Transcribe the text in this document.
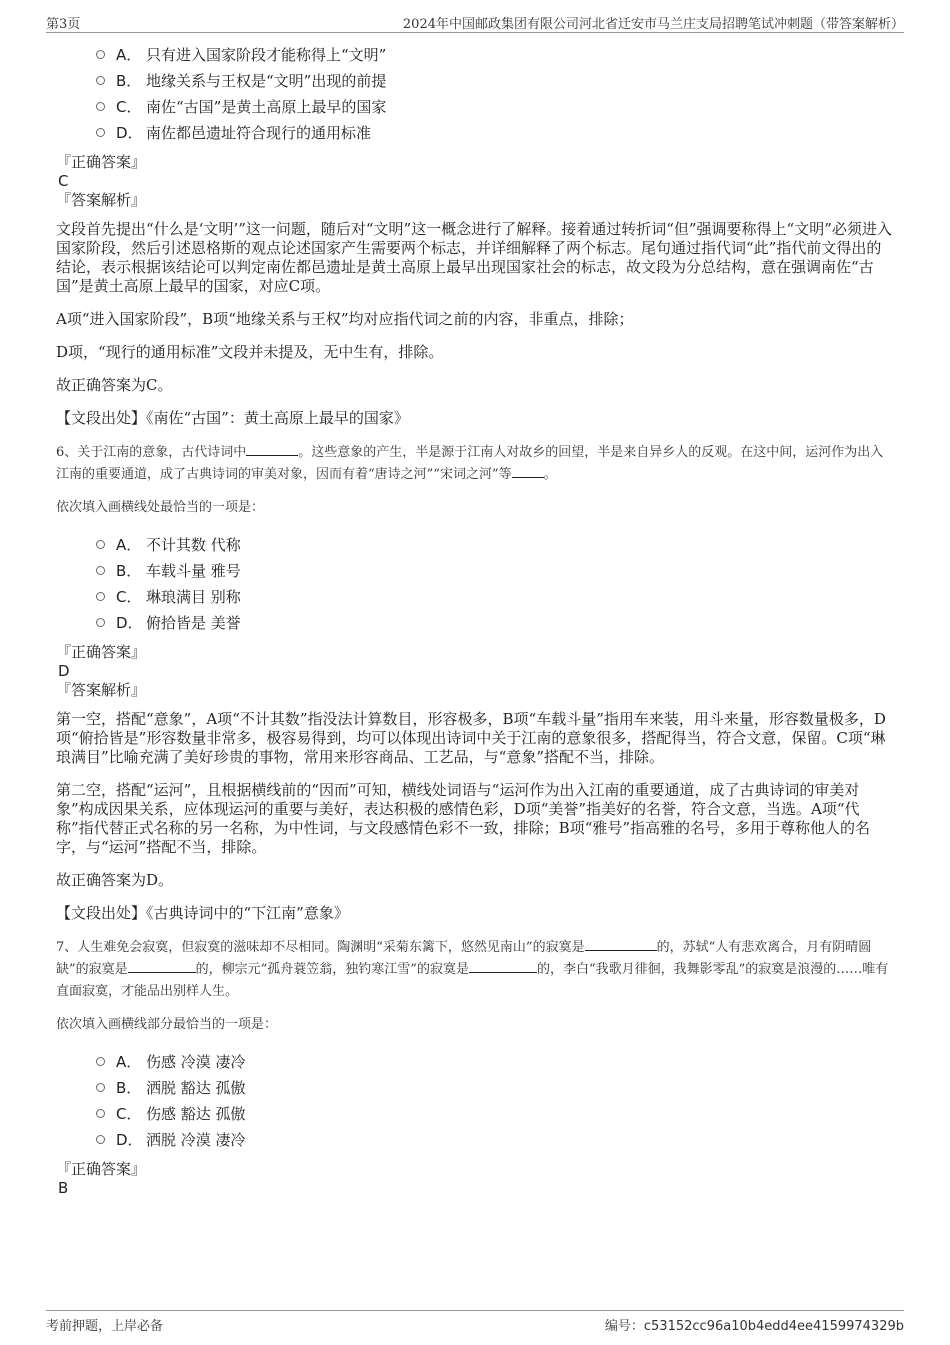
第3页	2024年中国邮政集团有限公司河北省迁安市马兰庄支局招聘笔试冲刺题（带答案解析）
A． 只有进入国家阶段才能称得上“文明”
B． 地缘关系与王权是“文明”出现的前提
C． 南佐“古国”是黄土高原上最早的国家
D． 南佐都邑遗址符合现行的通用标准

『正确答案』

C

『答案解析』

文段首先提出“什么是‘文明’”这一问题，随后对“文明”这一概念进行了解释。接着通过转折词“但”强调要称得上“文明”必须进入国家阶段，然后引述恩格斯的观点论述国家产生需要两个标志，并详细解释了两个标志。尾句通过指代词“此”指代前文得出的结论，表示根据该结论可以判定南佐都邑遗址是黄土高原上最早出现国家社会的标志，故文段为分总结构，意在强调南佐“古国”是黄土高原上最早的国家，对应C项。

A项“进入国家阶段”，B项“地缘关系与王权”均对应指代词之前的内容，非重点，排除；

D项，“现行的通用标准”文段并未提及，无中生有，排除。

故正确答案为C。

【文段出处】《南佐“古国”：黄土高原上最早的国家》

6、关于江南的意象，古代诗词中	。这些意象的产生，半是源于江南人对故乡的回望，半是来自异乡人的反观。在这中间，运河作为出入江南的重要通道，成了古典诗词的审美对象，因而有着“唐诗之河”“宋词之河”等 。

依次填入画横线处最恰当的一项是：

A． 不计其数 代称
B． 车载斗量 雅号
C． 琳琅满目 别称
D． 俯拾皆是 美誉

『正确答案』

D

『答案解析』

第一空，搭配“意象”，A项“不计其数”指没法计算数目，形容极多，B项“车载斗量”指用车来装，用斗来量，形容数量极多，D项“俯拾皆是”形容数量非常多，极容易得到，均可以体现出诗词中关于江南的意象很多，搭配得当，符合文意，保留。C项“琳琅满目”比喻充满了美好珍贵的事物，常用来形容商品、工艺品，与“意象”搭配不当，排除。

第二空，搭配“运河”，且根据横线前的“因而”可知，横线处词语与“运河作为出入江南的重要通道，成了古典诗词的审美对象”构成因果关系，应体现运河的重要与美好，表达积极的感情色彩，D项“美誉”指美好的名誉，符合文意，当选。A项“代称”指代替正式名称的另一名称，为中性词，与文段感情色彩不一致，排除；B项“雅号”指高雅的名号，多用于尊称他人的名字，与“运河”搭配不当，排除。

故正确答案为D。

【文段出处】《古典诗词中的“下江南”意象》

7、人生难免会寂寞，但寂寞的滋味却不尽相同。陶渊明“采菊东篱下，悠然见南山”的寂寞是	的，苏轼“人有悲欢离合，月有阴晴圆缺”的寂寞是	的，柳宗元“孤舟蓑笠翁，独钓寒江雪”的寂寞是	的，李白“我歌月徘徊，我舞影零乱”的寂寞是浪漫的……唯有直面寂寞，才能品出别样人生。

依次填入画横线部分最恰当的一项是：

A． 伤感 冷漠 凄冷
B． 洒脱 豁达 孤傲
C． 伤感 豁达 孤傲
D． 洒脱 冷漠 凄冷

『正确答案』

B

考前押题，上岸必备	编号：c53152cc96a10b4edd4ee4159974329b
